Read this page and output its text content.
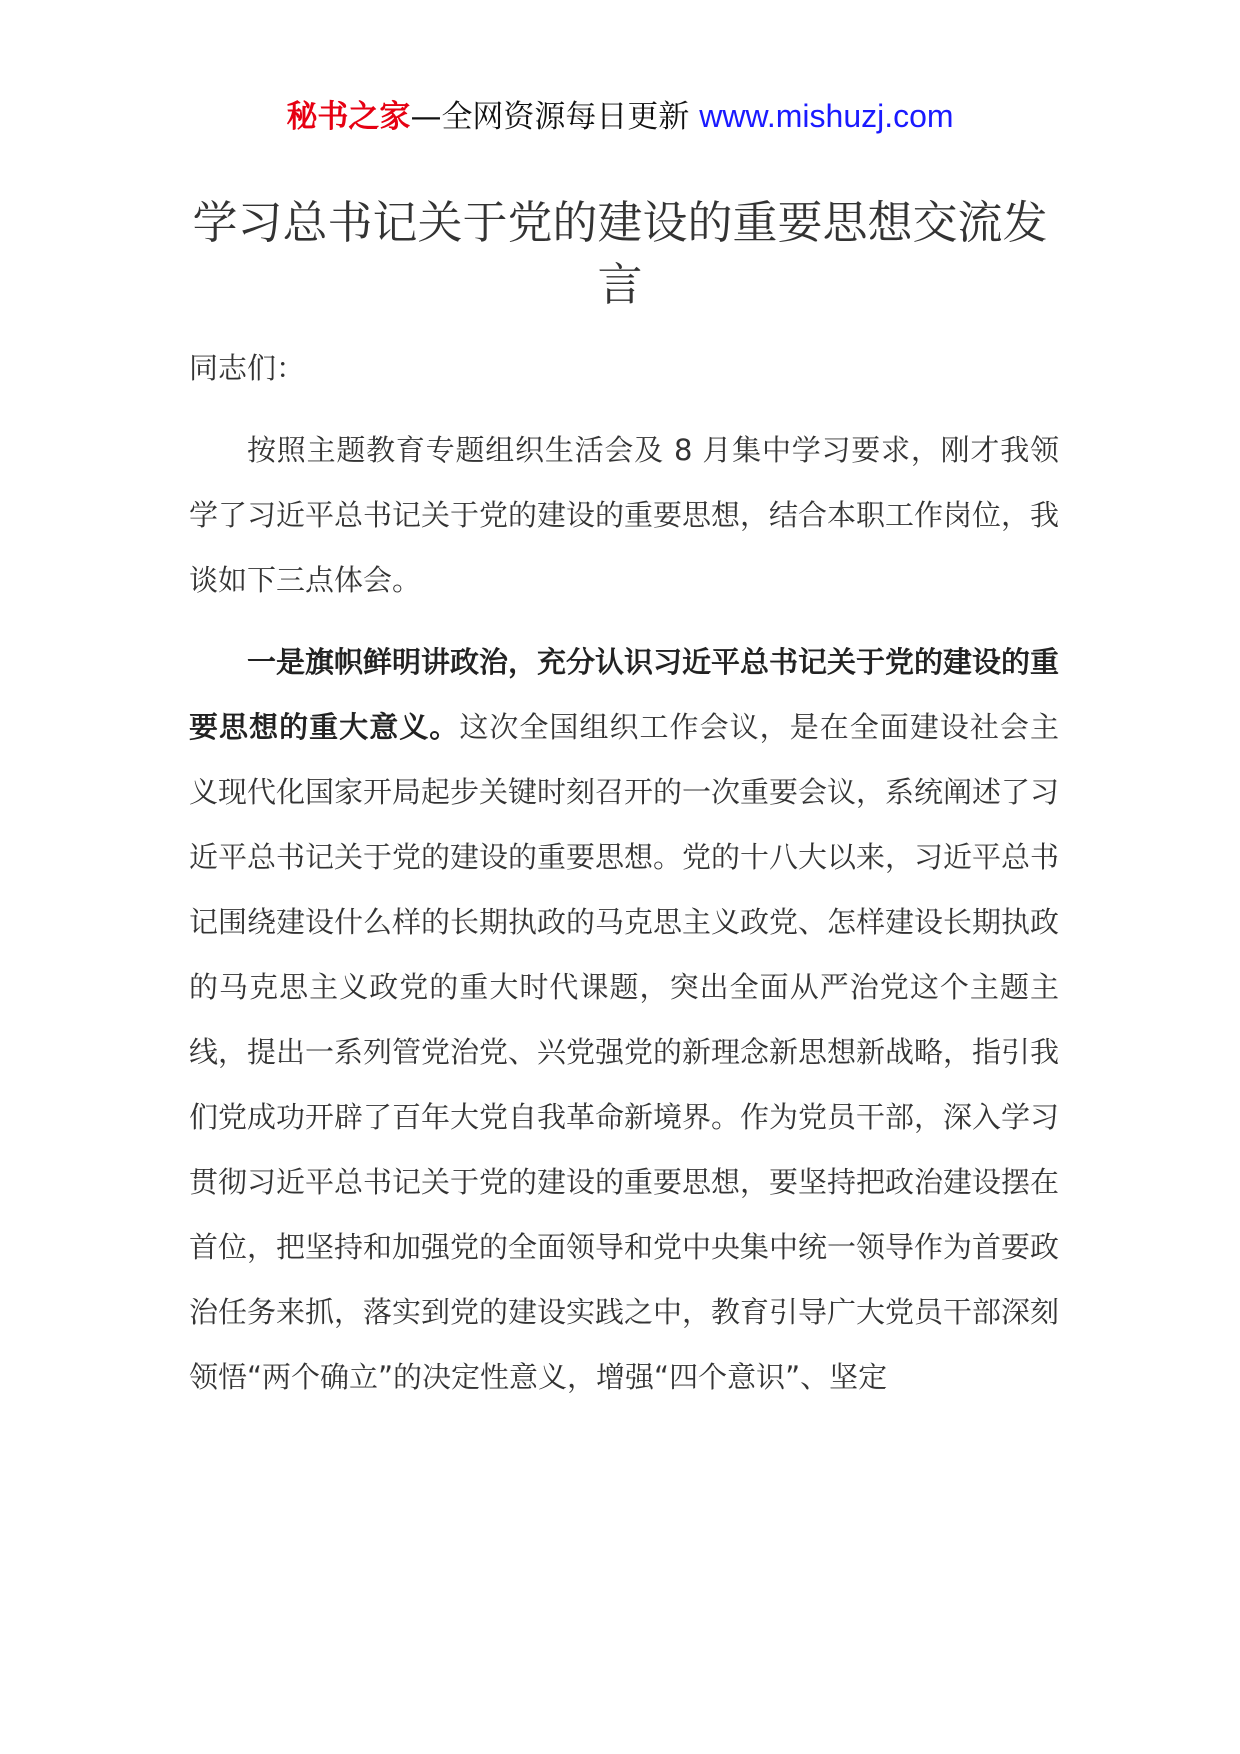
秘书之家—全网资源每日更新 www.mishuzj.com
学习总书记关于党的建设的重要思想交流发言

同志们：

按照主题教育专题组织生活会及 8 月集中学习要求，刚才我领学了习近平总书记关于党的建设的重要思想，结合本职工作岗位，我谈如下三点体会。

一是旗帜鲜明讲政治，充分认识习近平总书记关于党的建设的重要思想的重大意义。这次全国组织工作会议，是在全面建设社会主义现代化国家开局起步关键时刻召开的一次重要会议，系统阐述了习近平总书记关于党的建设的重要思想。党的十八大以来，习近平总书记围绕建设什么样的长期执政的马克思主义政党、怎样建设长期执政的马克思主义政党的重大时代课题，突出全面从严治党这个主题主线，提出一系列管党治党、兴党强党的新理念新思想新战略，指引我们党成功开辟了百年大党自我革命新境界。作为党员干部，深入学习贯彻习近平总书记关于党的建设的重要思想，要坚持把政治建设摆在首位，把坚持和加强党的全面领导和党中央集中统一领导作为首要政治任务来抓，落实到党的建设实践之中，教育引导广大党员干部深刻领悟“两个确立”的决定性意义，增强“四个意识”、坚定
